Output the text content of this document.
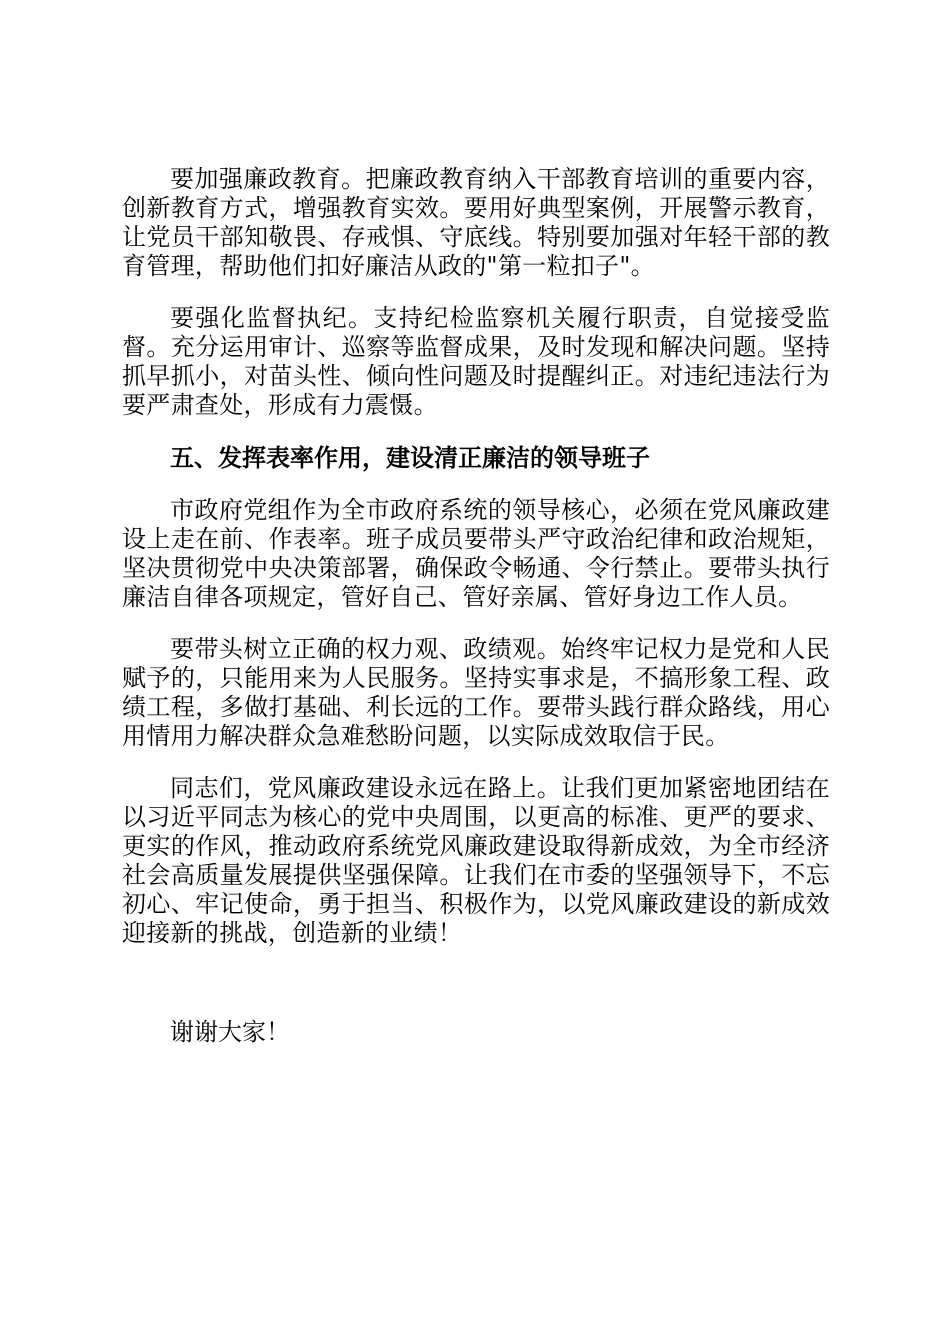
要加强廉政教育。把廉政教育纳入干部教育培训的重要内容，创新教育方式，增强教育实效。要用好典型案例，开展警示教育，让党员干部知敬畏、存戒惧、守底线。特别要加强对年轻干部的教育管理，帮助他们扣好廉洁从政的"第一粒扣子"。

要强化监督执纪。支持纪检监察机关履行职责，自觉接受监督。充分运用审计、巡察等监督成果，及时发现和解决问题。坚持抓早抓小，对苗头性、倾向性问题及时提醒纠正。对违纪违法行为要严肃查处，形成有力震慑。

五、发挥表率作用，建设清正廉洁的领导班子

市政府党组作为全市政府系统的领导核心，必须在党风廉政建设上走在前、作表率。班子成员要带头严守政治纪律和政治规矩，坚决贯彻党中央决策部署，确保政令畅通、令行禁止。要带头执行廉洁自律各项规定，管好自己、管好亲属、管好身边工作人员。

要带头树立正确的权力观、政绩观。始终牢记权力是党和人民赋予的，只能用来为人民服务。坚持实事求是，不搞形象工程、政绩工程，多做打基础、利长远的工作。要带头践行群众路线，用心用情用力解决群众急难愁盼问题，以实际成效取信于民。

同志们，党风廉政建设永远在路上。让我们更加紧密地团结在以习近平同志为核心的党中央周围，以更高的标准、更严的要求、更实的作风，推动政府系统党风廉政建设取得新成效，为全市经济社会高质量发展提供坚强保障。让我们在市委的坚强领导下，不忘初心、牢记使命，勇于担当、积极作为，以党风廉政建设的新成效迎接新的挑战，创造新的业绩！

谢谢大家！
